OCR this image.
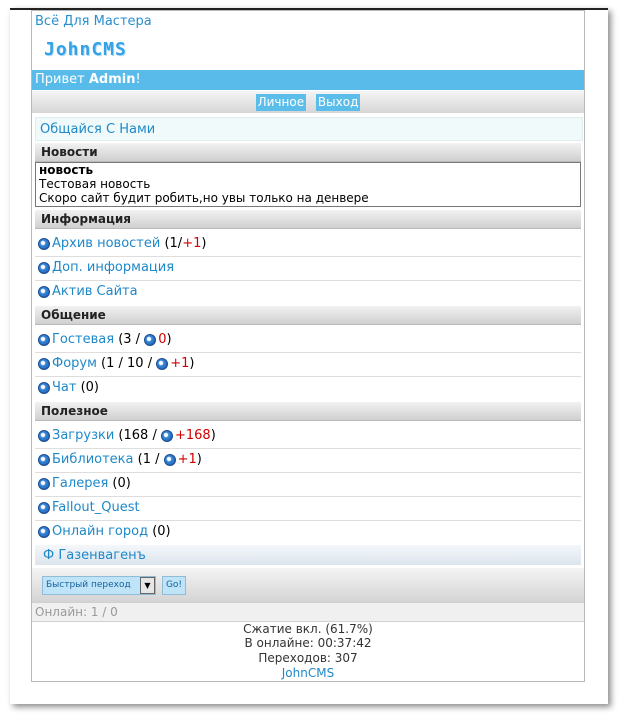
Всё Для Мастера
JohnCMS
Привет Admin!
Личное Выход
Общайся С Нами
Новости
новость
Тестовая новость
Скоро сайт будит робить,но увы только на денвере
Информация
Архив новостей (1/+1)
Доп. информация
Актив Сайта
Общение
Гостевая (3 / 0)
Форум (1 / 10 / +1)
Чат (0)
Полезное
Загрузки (168 / +168)
Библиотека (1 / +1)
Галерея (0)
Fallout_Quest
Онлайн город (0)
Ф Газенвагенъ
Быстрый переход	▼	Go!
Онлайн: 1 / 0
Сжатие вкл. (61.7%)
В онлайне: 00:37:42
Переходов: 307
JohnCMS
